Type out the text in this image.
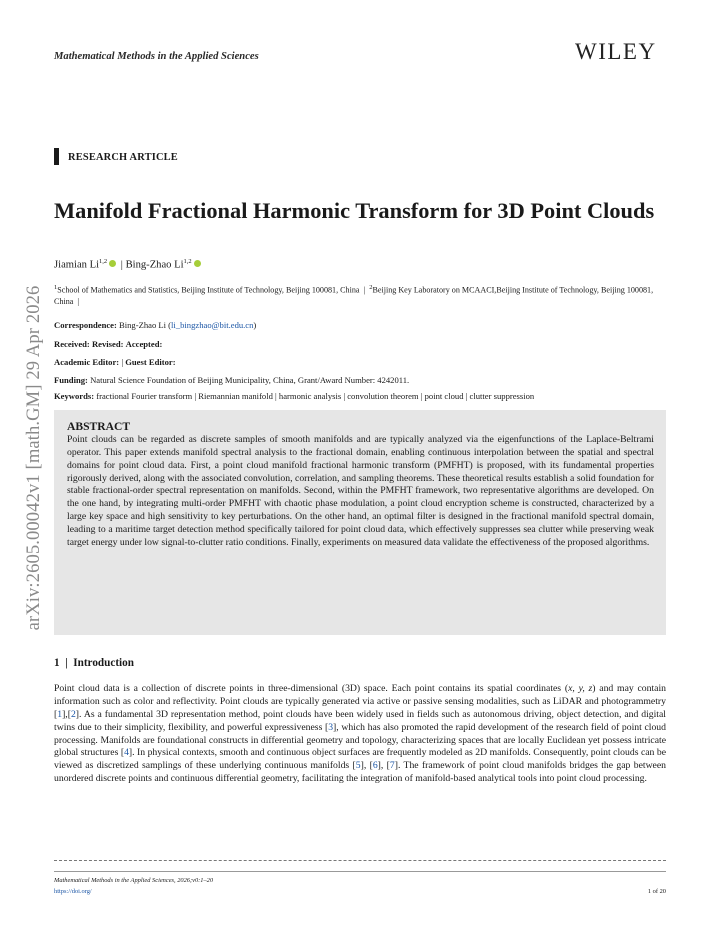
arXiv:2605.00042v1 [math.GM] 29 Apr 2026
Mathematical Methods in the Applied Sciences	WILEY
RESEARCH ARTICLE
Manifold Fractional Harmonic Transform for 3D Point Clouds
Jiamian Li$^{1,2}$ | Bing-Zhao Li$^{1,2}$
$^1$School of Mathematics and Statistics, Beijing Institute of Technology, Beijing 100081, China | $^2$Beijing Key Laboratory on MCAACI,Beijing Institute of Technology, Beijing 100081, China |
Correspondence: Bing-Zhao Li (li_bingzhao@bit.edu.cn)
Received: Revised: Accepted:
Academic Editor: | Guest Editor:
Funding: Natural Science Foundation of Beijing Municipality, China, Grant/Award Number: 4242011.
Keywords: fractional Fourier transform | Riemannian manifold | harmonic analysis | convolution theorem | point cloud | clutter suppression
ABSTRACT
Point clouds can be regarded as discrete samples of smooth manifolds and are typically analyzed via the eigenfunctions of the Laplace-Beltrami operator. This paper extends manifold spectral analysis to the fractional domain, enabling continuous interpolation between the spatial and spectral domains for point cloud data. First, a point cloud manifold fractional harmonic transform (PMFHT) is proposed, with its fundamental properties rigorously derived, along with the associated convolution, correlation, and sampling theorems. These theoretical results establish a solid foundation for stable fractional-order spectral representation on manifolds. Second, within the PMFHT framework, two representative algorithms are developed. On the one hand, by integrating multi-order PMFHT with chaotic phase modulation, a point cloud encryption scheme is constructed, characterized by a large key space and high sensitivity to key perturbations. On the other hand, an optimal filter is designed in the fractional manifold spectral domain, leading to a maritime target detection method specifically tailored for point cloud data, which effectively suppresses sea clutter while preserving weak target energy under low signal-to-clutter ratio conditions. Finally, experiments on measured data validate the effectiveness of the proposed algorithms.
1 | Introduction
Point cloud data is a collection of discrete points in three-dimensional (3D) space. Each point contains its spatial coordinates (x, y, z) and may contain information such as color and reflectivity. Point clouds are typically generated via active or passive sensing modalities, such as LiDAR and photogrammetry [1],[2]. As a fundamental 3D representation method, point clouds have been widely used in fields such as autonomous driving, object detection, and digital twins due to their simplicity, flexibility, and powerful expressiveness [3], which has also promoted the rapid development of the research field of point cloud processing. Manifolds are foundational constructs in differential geometry and topology, characterizing spaces that are locally Euclidean yet possess intricate global structures [4]. In physical contexts, smooth and continuous object surfaces are frequently modeled as 2D manifolds. Consequently, point clouds can be viewed as discretized samplings of these underlying continuous manifolds [5], [6], [7]. The framework of point cloud manifolds bridges the gap between unordered discrete points and continuous differential geometry, facilitating the integration of manifold-based analytical tools into point cloud processing.
Mathematical Methods in the Applied Sciences, 2026;v0:1–20
https://doi.org/	1 of 20
